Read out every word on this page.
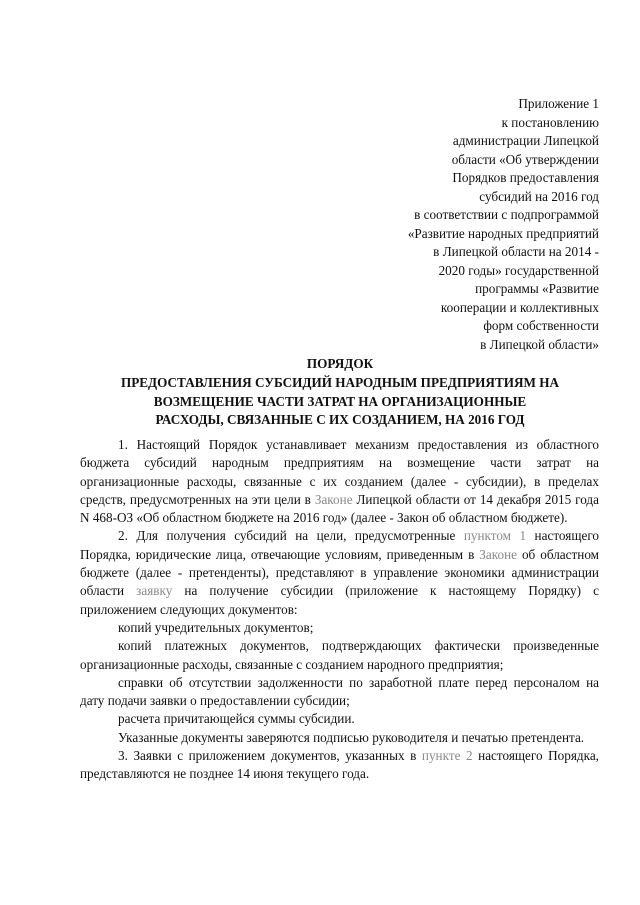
Приложение 1
к постановлению
администрации Липецкой
области «Об утверждении
Порядков предоставления
субсидий на 2016 год
в соответствии с подпрограммой
«Развитие народных предприятий
в Липецкой области на 2014 -
2020 годы» государственной
программы «Развитие
кооперации и коллективных
форм собственности
в Липецкой области»
ПОРЯДОК
ПРЕДОСТАВЛЕНИЯ СУБСИДИЙ НАРОДНЫМ ПРЕДПРИЯТИЯМ НА
ВОЗМЕЩЕНИЕ ЧАСТИ ЗАТРАТ НА ОРГАНИЗАЦИОННЫЕ
РАСХОДЫ, СВЯЗАННЫЕ С ИХ СОЗДАНИЕМ, НА 2016 ГОД

1. Настоящий Порядок устанавливает механизм предоставления из областного бюджета субсидий народным предприятиям на возмещение части затрат на организационные расходы, связанные с их созданием (далее - субсидии), в пределах средств, предусмотренных на эти цели в Законе Липецкой области от 14 декабря 2015 года N 468-ОЗ «Об областном бюджете на 2016 год» (далее - Закон об областном бюджете).

2. Для получения субсидий на цели, предусмотренные пунктом 1 настоящего Порядка, юридические лица, отвечающие условиям, приведенным в Законе об областном бюджете (далее - претенденты), представляют в управление экономики администрации области заявку на получение субсидии (приложение к настоящему Порядку) с приложением следующих документов:

копий учредительных документов;

копий платежных документов, подтверждающих фактически произведенные организационные расходы, связанные с созданием народного предприятия;

справки об отсутствии задолженности по заработной плате перед персоналом на дату подачи заявки о предоставлении субсидии;

расчета причитающейся суммы субсидии.

Указанные документы заверяются подписью руководителя и печатью претендента.

3. Заявки с приложением документов, указанных в пункте 2 настоящего Порядка, представляются не позднее 14 июня текущего года.
